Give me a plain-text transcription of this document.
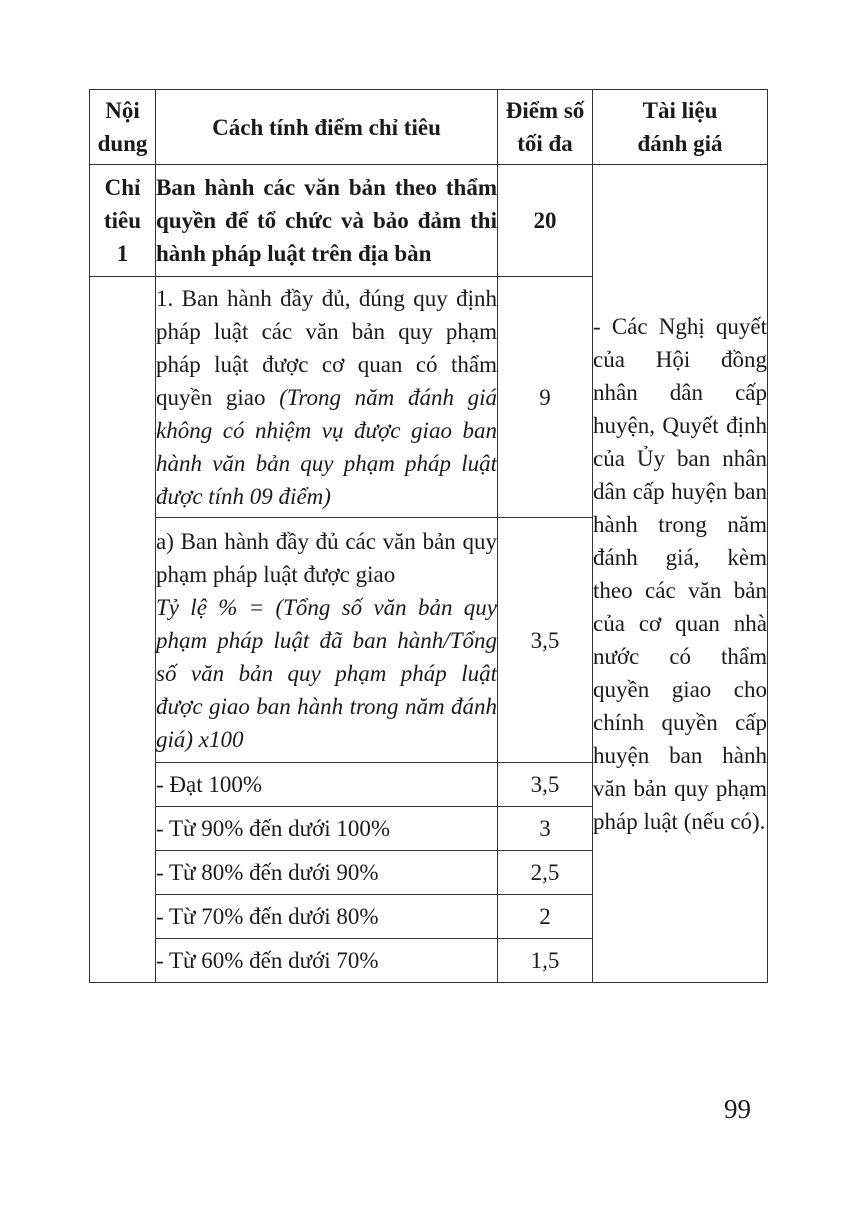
Nội dung	Cách tính điểm chỉ tiêu	Điểm số tối đa	Tài liệu đánh giá
Chỉ tiêu 1	Ban hành các văn bản theo thẩm quyền để tổ chức và bảo đảm thi hành pháp luật trên địa bàn	20	- Các Nghị quyết của Hội đồng nhân dân cấp huyện, Quyết định của Ủy ban nhân dân cấp huyện ban hành trong năm đánh giá, kèm theo các văn bản của cơ quan nhà nước có thẩm quyền giao cho chính quyền cấp huyện ban hành văn bản quy phạm pháp luật (nếu có).
	1. Ban hành đầy đủ, đúng quy định pháp luật các văn bản quy phạm pháp luật được cơ quan có thẩm quyền giao (Trong năm đánh giá không có nhiệm vụ được giao ban hành văn bản quy phạm pháp luật được tính 09 điểm)	9	

	a) Ban hành đầy đủ các văn bản quy phạm pháp luật được giao
Tỷ lệ % = (Tổng số văn bản quy phạm pháp luật đã ban hành/Tổng số văn bản quy phạm pháp luật được giao ban hành trong năm đánh giá) x100	3,5	
	- Đạt 100%	3,5	
	- Từ 90% đến dưới 100%	3	
	- Từ 80% đến dưới 90%	2,5	
	- Từ 70% đến dưới 80%	2	
	- Từ 60% đến dưới 70%	1,5	
99
